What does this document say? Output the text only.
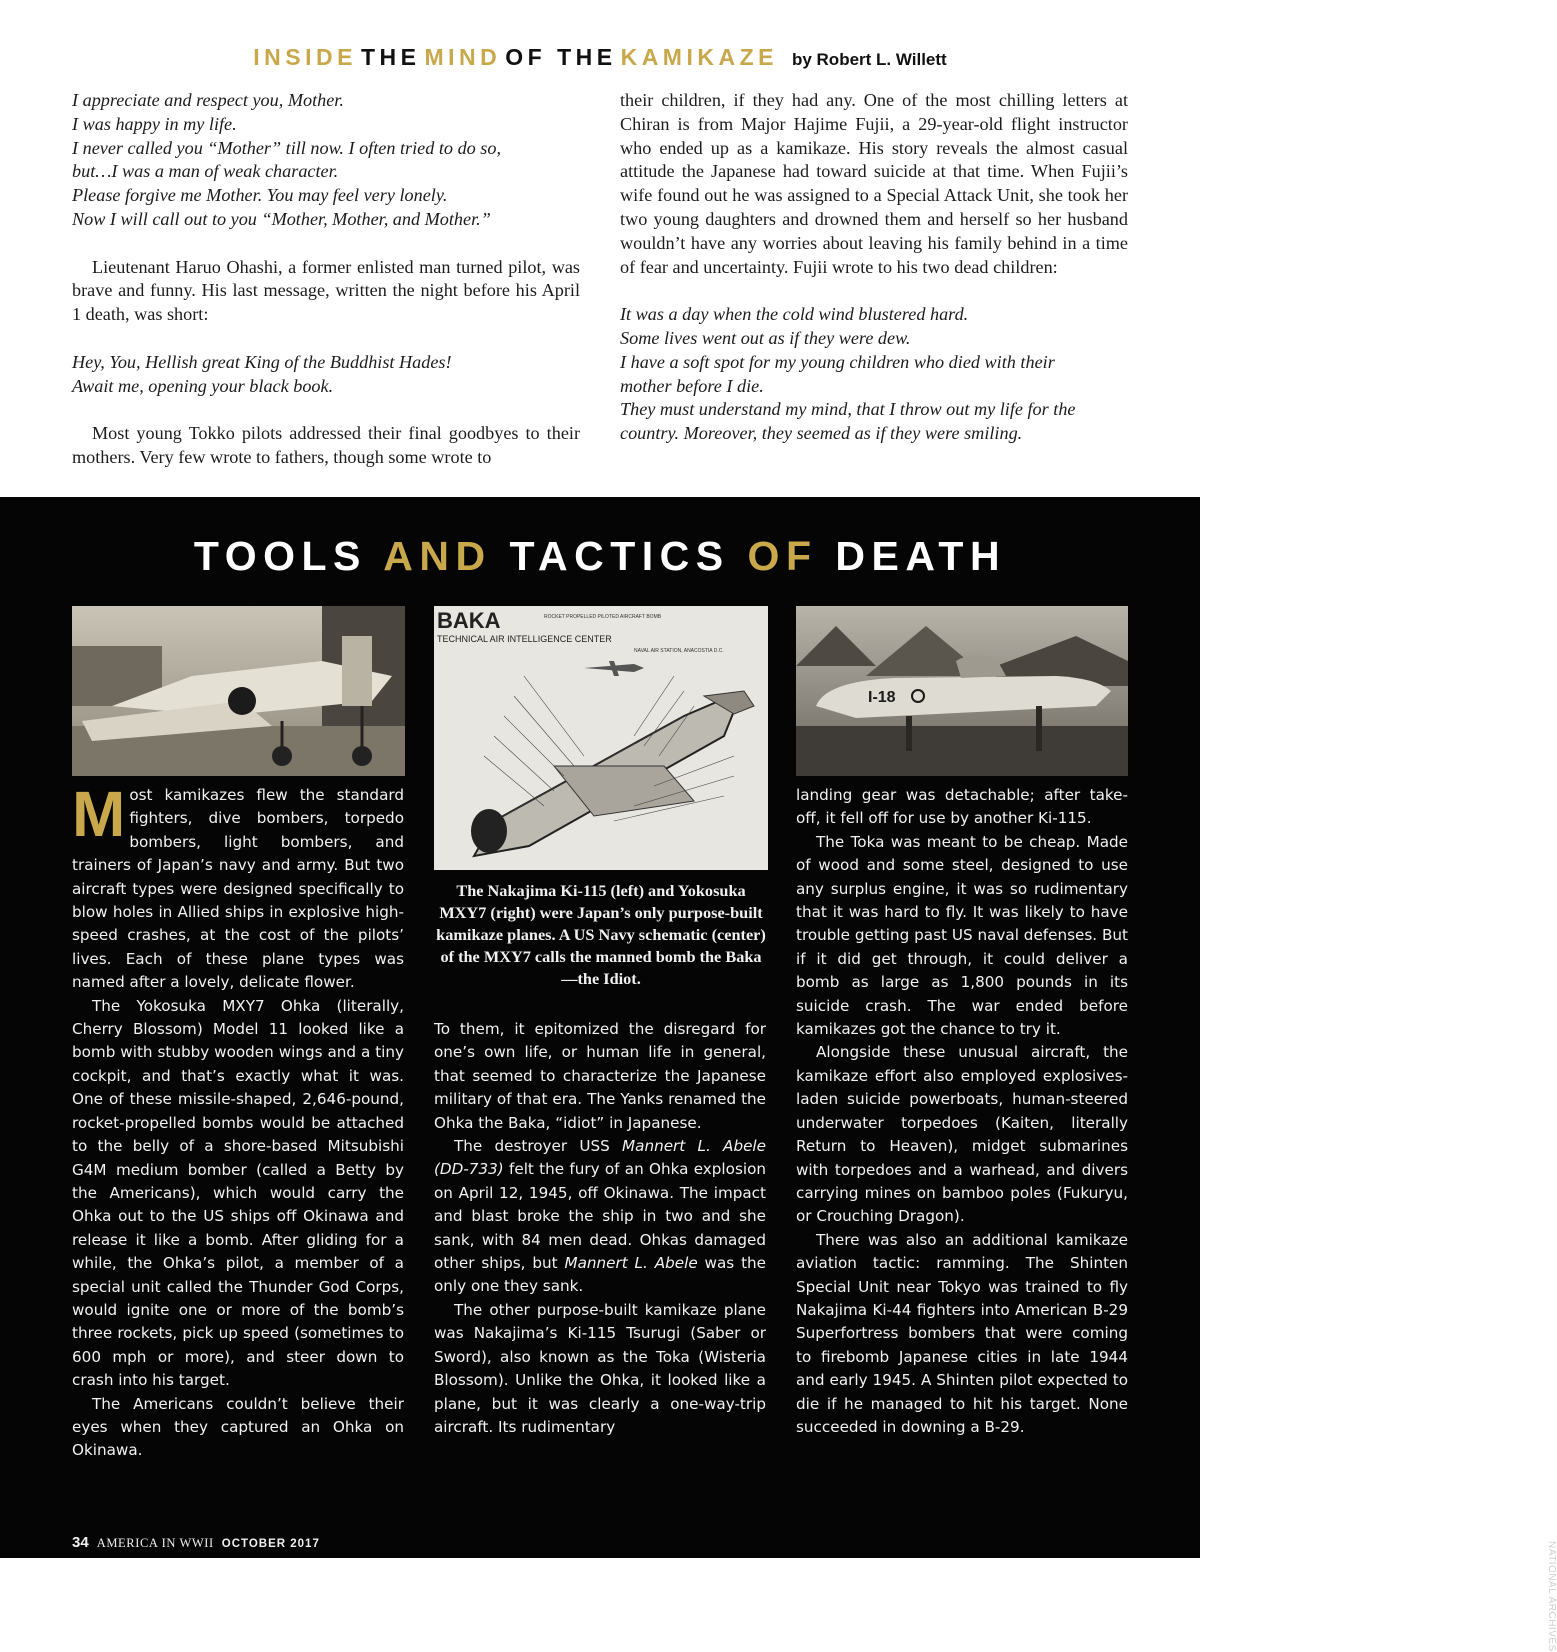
INSIDE THE MIND OF THE KAMIKAZE by Robert L. Willett
I appreciate and respect you, Mother.
I was happy in my life.
I never called you “Mother” till now. I often tried to do so,
but…I was a man of weak character.
Please forgive me Mother. You may feel very lonely.
Now I will call out to you “Mother, Mother, and Mother.”

Lieutenant Haruo Ohashi, a former enlisted man turned pilot, was brave and funny. His last message, written the night before his April 1 death, was short:

Hey, You, Hellish great King of the Buddhist Hades!
Await me, opening your black book.

Most young Tokko pilots addressed their final goodbyes to their mothers. Very few wrote to fathers, though some wrote to

their children, if they had any. One of the most chilling letters at Chiran is from Major Hajime Fujii, a 29-year-old flight instructor who ended up as a kamikaze. His story reveals the almost casual attitude the Japanese had toward suicide at that time. When Fujii’s wife found out he was assigned to a Special Attack Unit, she took her two young daughters and drowned them and herself so her husband wouldn’t have any worries about leaving his family behind in a time of fear and uncertainty. Fujii wrote to his two dead children:

It was a day when the cold wind blustered hard.
Some lives went out as if they were dew.
I have a soft spot for my young children who died with their
mother before I die.
They must understand my mind, that I throw out my life for the
country. Moreover, they seemed as if they were smiling.
TOOLS AND TACTICS OF DEATH
BAKA	ROCKET PROPELLED PILOTED AIRCRAFT BOMB
TECHNICAL AIR INTELLIGENCE CENTER
NAVAL AIR STATION, ANACOSTIA D.C.
I-18
NATIONAL ARCHIVES
The Nakajima Ki-115 (left) and Yokosuka MXY7 (right) were Japan’s only purpose-built kamikaze planes. A US Navy schematic (center) of the MXY7 calls the manned bomb the Baka—the Idiot.

Most kamikazes flew the standard fighters, dive bombers, torpedo bombers, light bombers, and trainers of Japan’s navy and army. But two aircraft types were designed specifically to blow holes in Allied ships in explosive high-speed crashes, at the cost of the pilots’ lives. Each of these plane types was named after a lovely, delicate flower.

The Yokosuka MXY7 Ohka (literally, Cherry Blossom) Model 11 looked like a bomb with stubby wooden wings and a tiny cockpit, and that’s exactly what it was. One of these missile-shaped, 2,646-pound, rocket-propelled bombs would be attached to the belly of a shore-based Mitsubishi G4M medium bomber (called a Betty by the Americans), which would carry the Ohka out to the US ships off Okinawa and release it like a bomb. After gliding for a while, the Ohka’s pilot, a member of a special unit called the Thunder God Corps, would ignite one or more of the bomb’s three rockets, pick up speed (sometimes to 600 mph or more), and steer down to crash into his target.

The Americans couldn’t believe their eyes when they captured an Ohka on Okinawa.

To them, it epitomized the disregard for one’s own life, or human life in general, that seemed to characterize the Japanese military of that era. The Yanks renamed the Ohka the Baka, “idiot” in Japanese.

The destroyer USS Mannert L. Abele (DD-733) felt the fury of an Ohka explosion on April 12, 1945, off Okinawa. The impact and blast broke the ship in two and she sank, with 84 men dead. Ohkas damaged other ships, but Mannert L. Abele was the only one they sank.

The other purpose-built kamikaze plane was Nakajima’s Ki-115 Tsurugi (Saber or Sword), also known as the Toka (Wisteria Blossom). Unlike the Ohka, it looked like a plane, but it was clearly a one-way-trip aircraft. Its rudimentary

landing gear was detachable; after take-off, it fell off for use by another Ki-115.

The Toka was meant to be cheap. Made of wood and some steel, designed to use any surplus engine, it was so rudimentary that it was hard to fly. It was likely to have trouble getting past US naval defenses. But if it did get through, it could deliver a bomb as large as 1,800 pounds in its suicide crash. The war ended before kamikazes got the chance to try it.

Alongside these unusual aircraft, the kamikaze effort also employed explosives-laden suicide powerboats, human-steered underwater torpedoes (Kaiten, literally Return to Heaven), midget submarines with torpedoes and a warhead, and divers carrying mines on bamboo poles (Fukuryu, or Crouching Dragon).

There was also an additional kamikaze aviation tactic: ramming. The Shinten Special Unit near Tokyo was trained to fly Nakajima Ki-44 fighters into American B-29 Superfortress bombers that were coming to firebomb Japanese cities in late 1944 and early 1945. A Shinten pilot expected to die if he managed to hit his target. None succeeded in downing a B-29.

34 AMERICA IN WWII OCTOBER 2017
